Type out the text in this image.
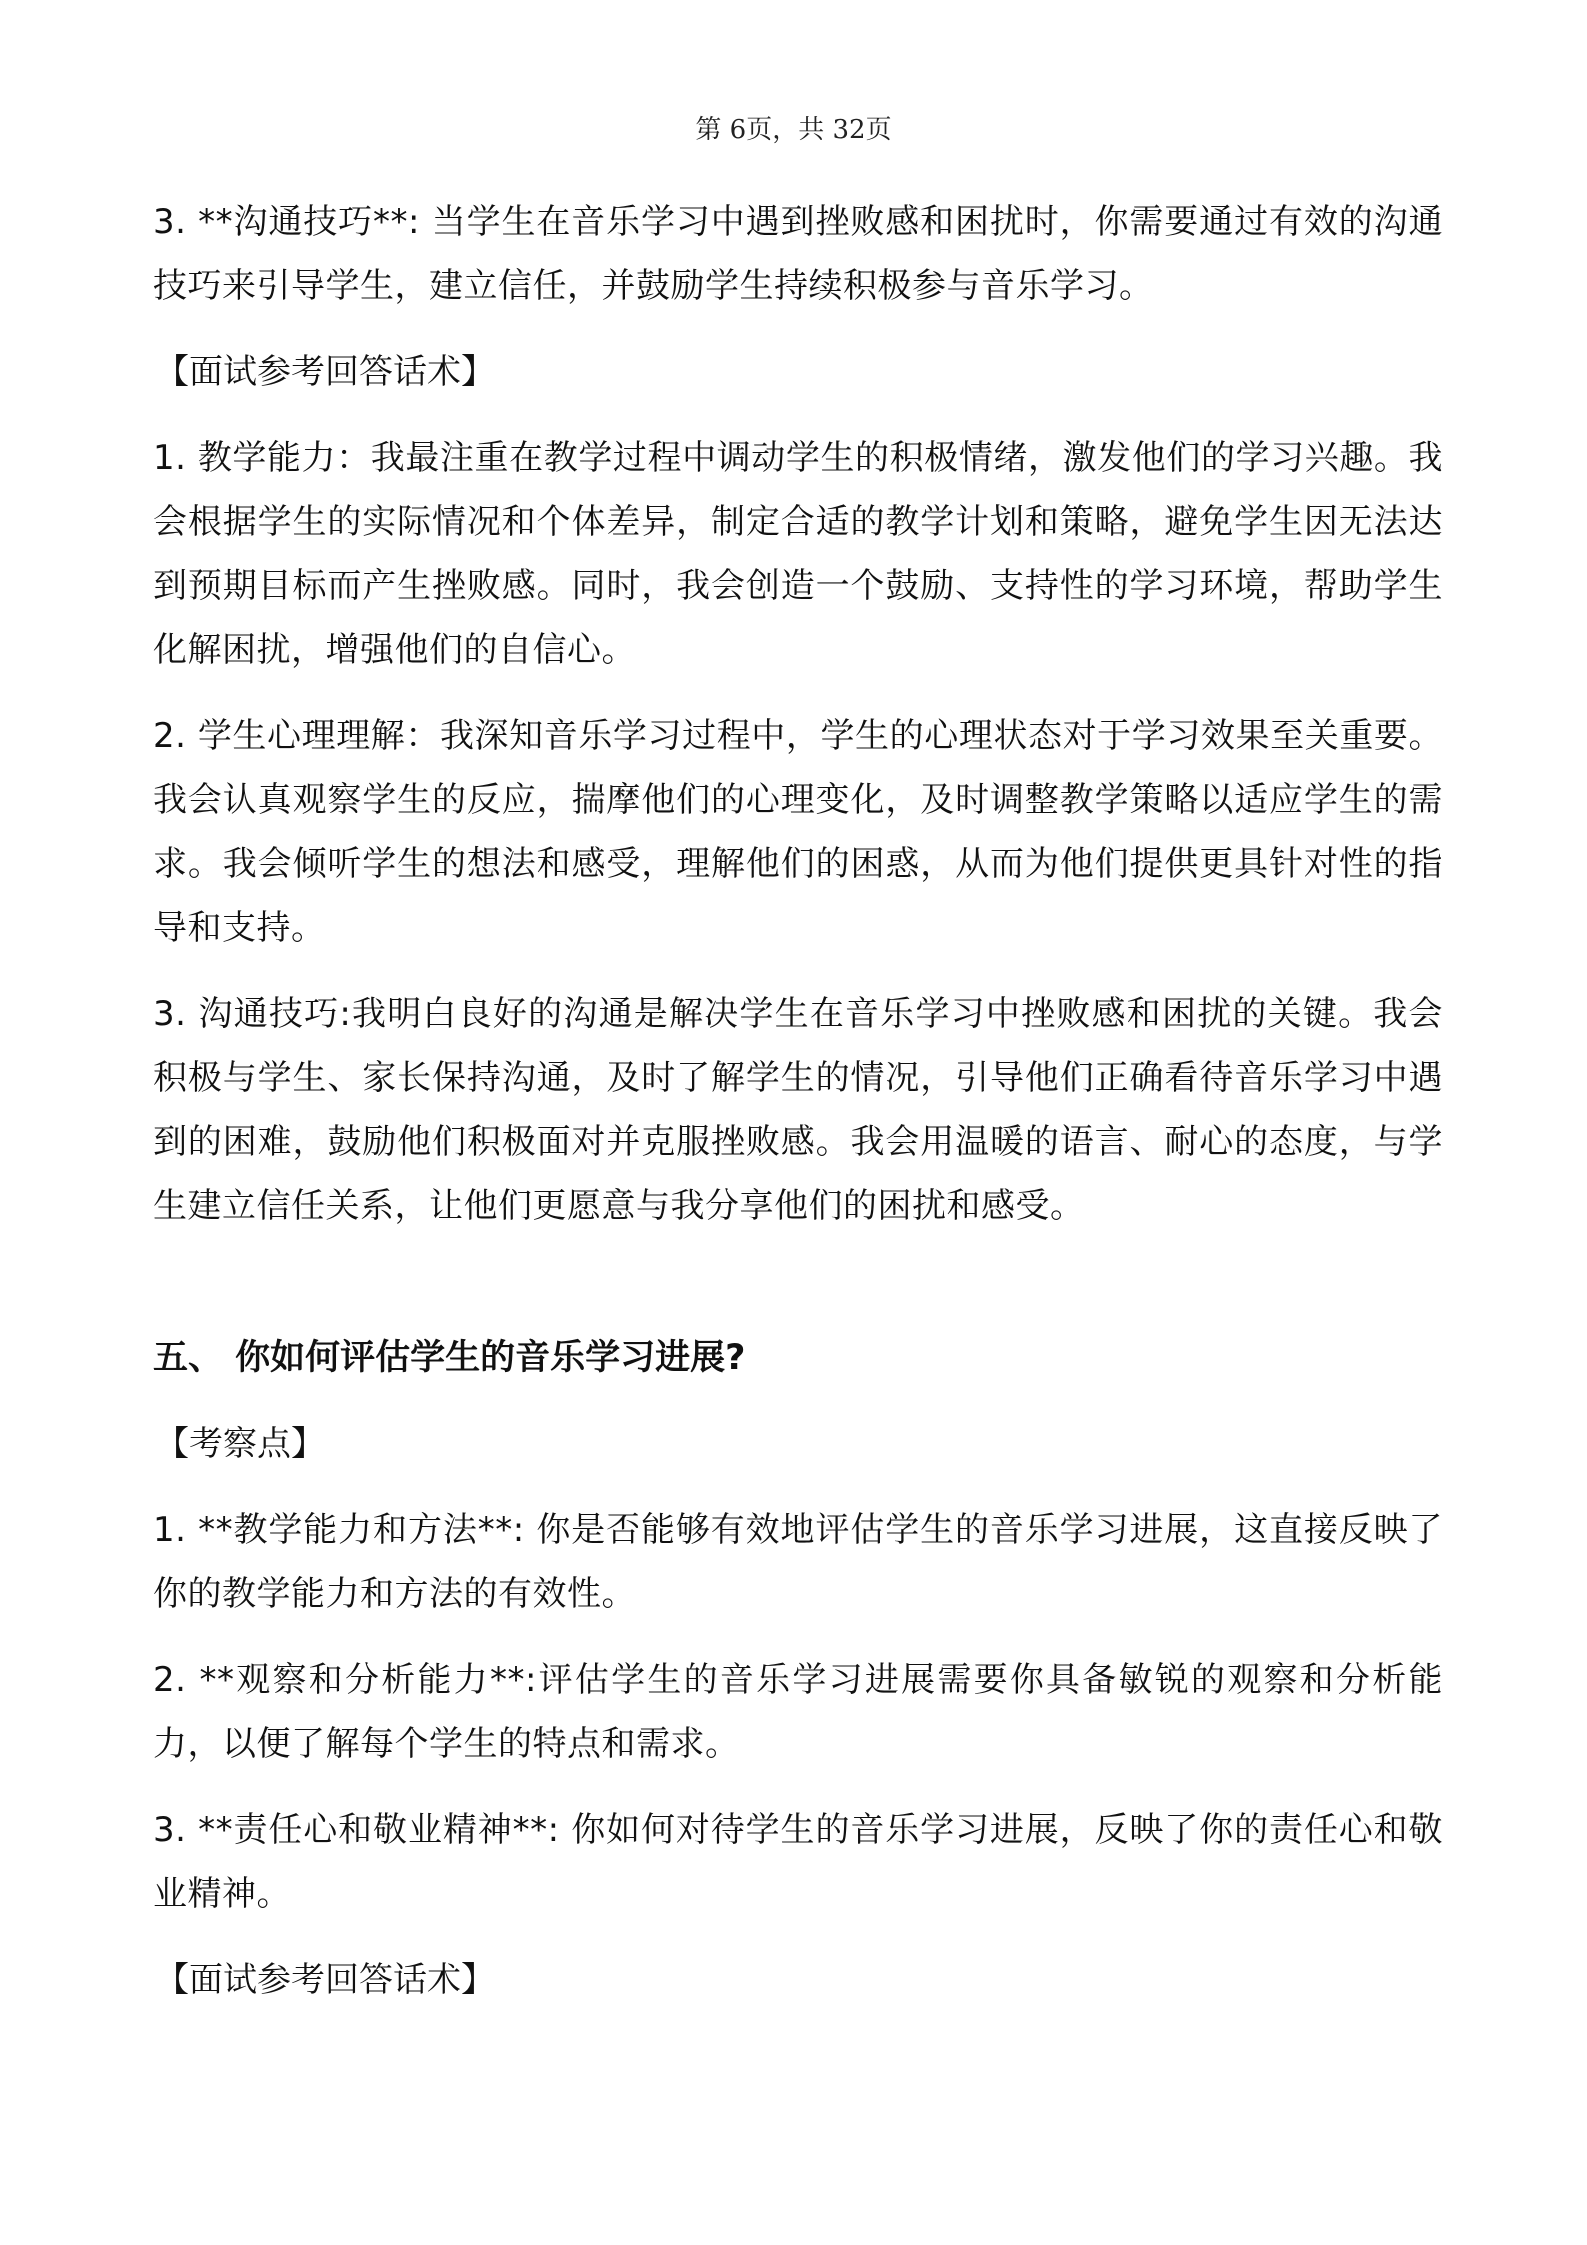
第 6页，共 32页

3. **沟通技巧**: 当学生在音乐学习中遇到挫败感和困扰时，你需要通过有效的沟通技巧来引导学生，建立信任，并鼓励学生持续积极参与音乐学习。

【面试参考回答话术】

1. 教学能力：我最注重在教学过程中调动学生的积极情绪，激发他们的学习兴趣。我会根据学生的实际情况和个体差异，制定合适的教学计划和策略，避免学生因无法达到预期目标而产生挫败感。同时，我会创造一个鼓励、支持性的学习环境，帮助学生化解困扰，增强他们的自信心。

2. 学生心理理解：我深知音乐学习过程中，学生的心理状态对于学习效果至关重要。我会认真观察学生的反应，揣摩他们的心理变化，及时调整教学策略以适应学生的需求。我会倾听学生的想法和感受，理解他们的困惑，从而为他们提供更具针对性的指导和支持。

3. 沟通技巧:我明白良好的沟通是解决学生在音乐学习中挫败感和困扰的关键。我会积极与学生、家长保持沟通，及时了解学生的情况，引导他们正确看待音乐学习中遇到的困难，鼓励他们积极面对并克服挫败感。我会用温暖的语言、耐心的态度，与学生建立信任关系，让他们更愿意与我分享他们的困扰和感受。

五、 你如何评估学生的音乐学习进展?
【考察点】

1. **教学能力和方法**: 你是否能够有效地评估学生的音乐学习进展，这直接反映了你的教学能力和方法的有效性。

2. **观察和分析能力**:评估学生的音乐学习进展需要你具备敏锐的观察和分析能力，以便了解每个学生的特点和需求。

3. **责任心和敬业精神**: 你如何对待学生的音乐学习进展，反映了你的责任心和敬业精神。

【面试参考回答话术】
